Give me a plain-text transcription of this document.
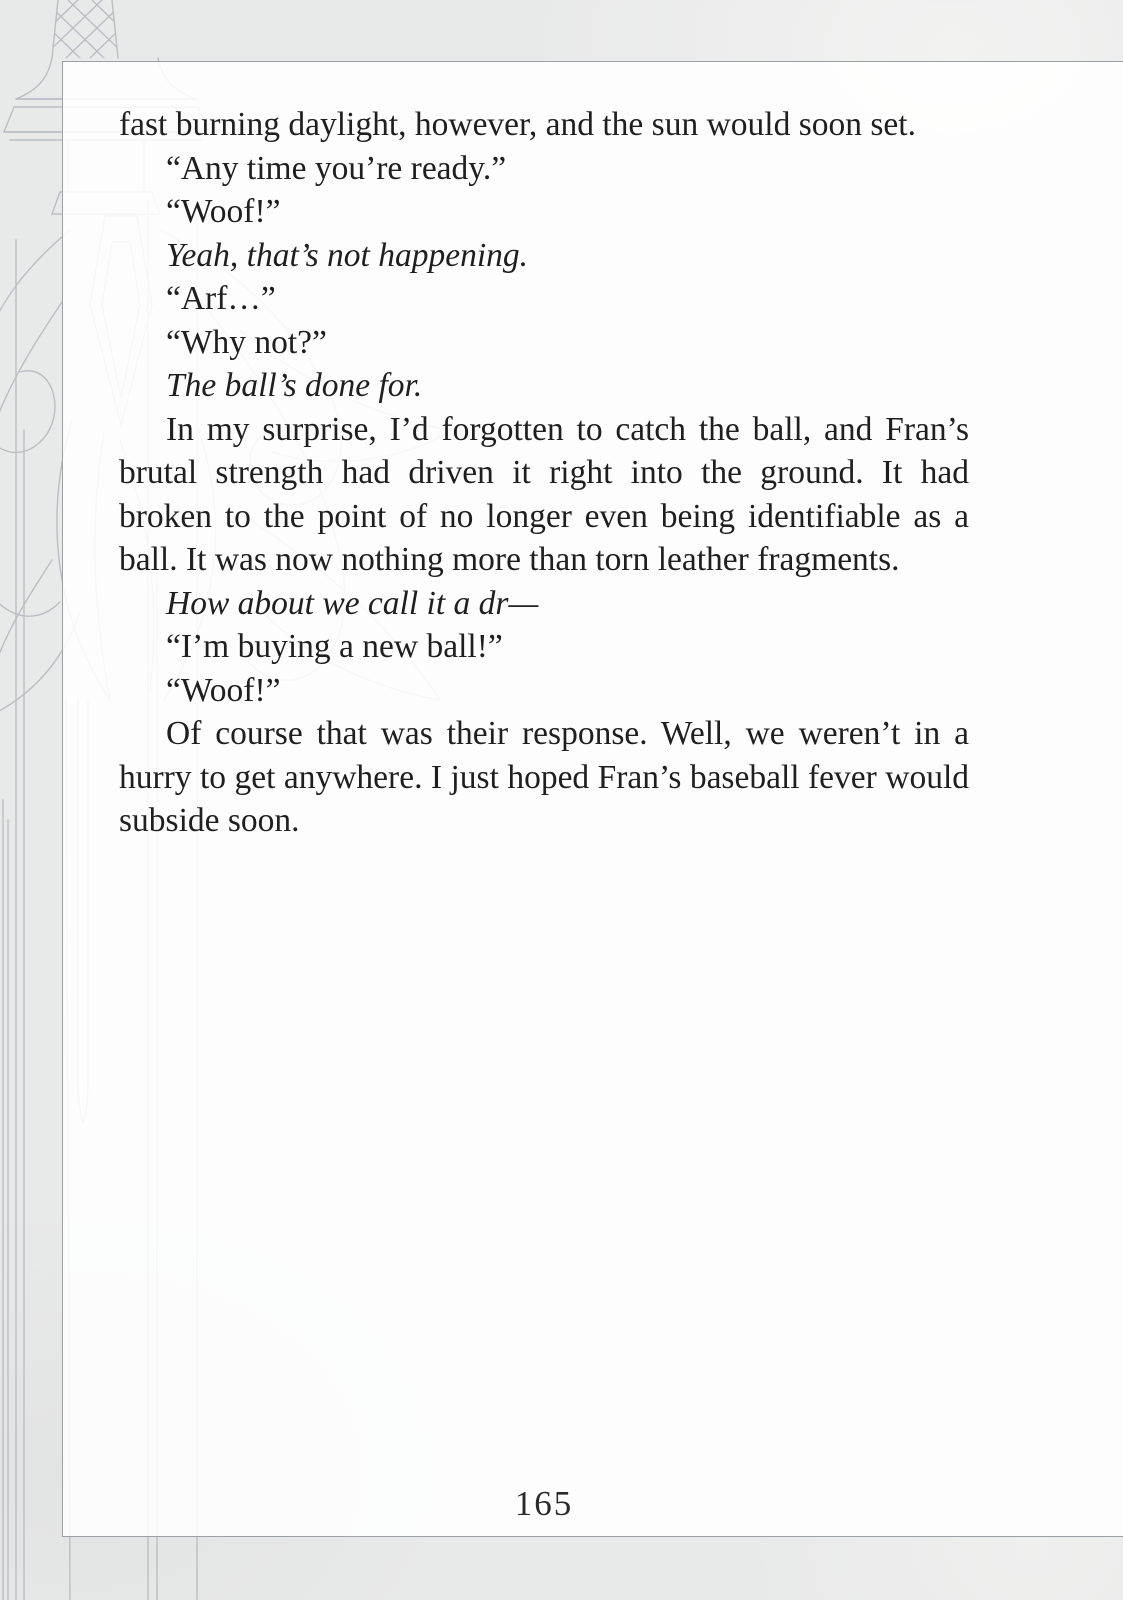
fast burning daylight, however, and the sun would soon set.

“Any time you’re ready.”

“Woof!”

Yeah, that’s not happening.

“Arf…”

“Why not?”

The ball’s done for.

In my surprise, I’d forgotten to catch the ball, and Fran’s brutal strength had driven it right into the ground. It had broken to the point of no longer even being identifiable as a ball. It was now nothing more than torn leather fragments.

How about we call it a dr—

“I’m buying a new ball!”

“Woof!”

Of course that was their response. Well, we weren’t in a hurry to get anywhere. I just hoped Fran’s baseball fever would subside soon.

165
